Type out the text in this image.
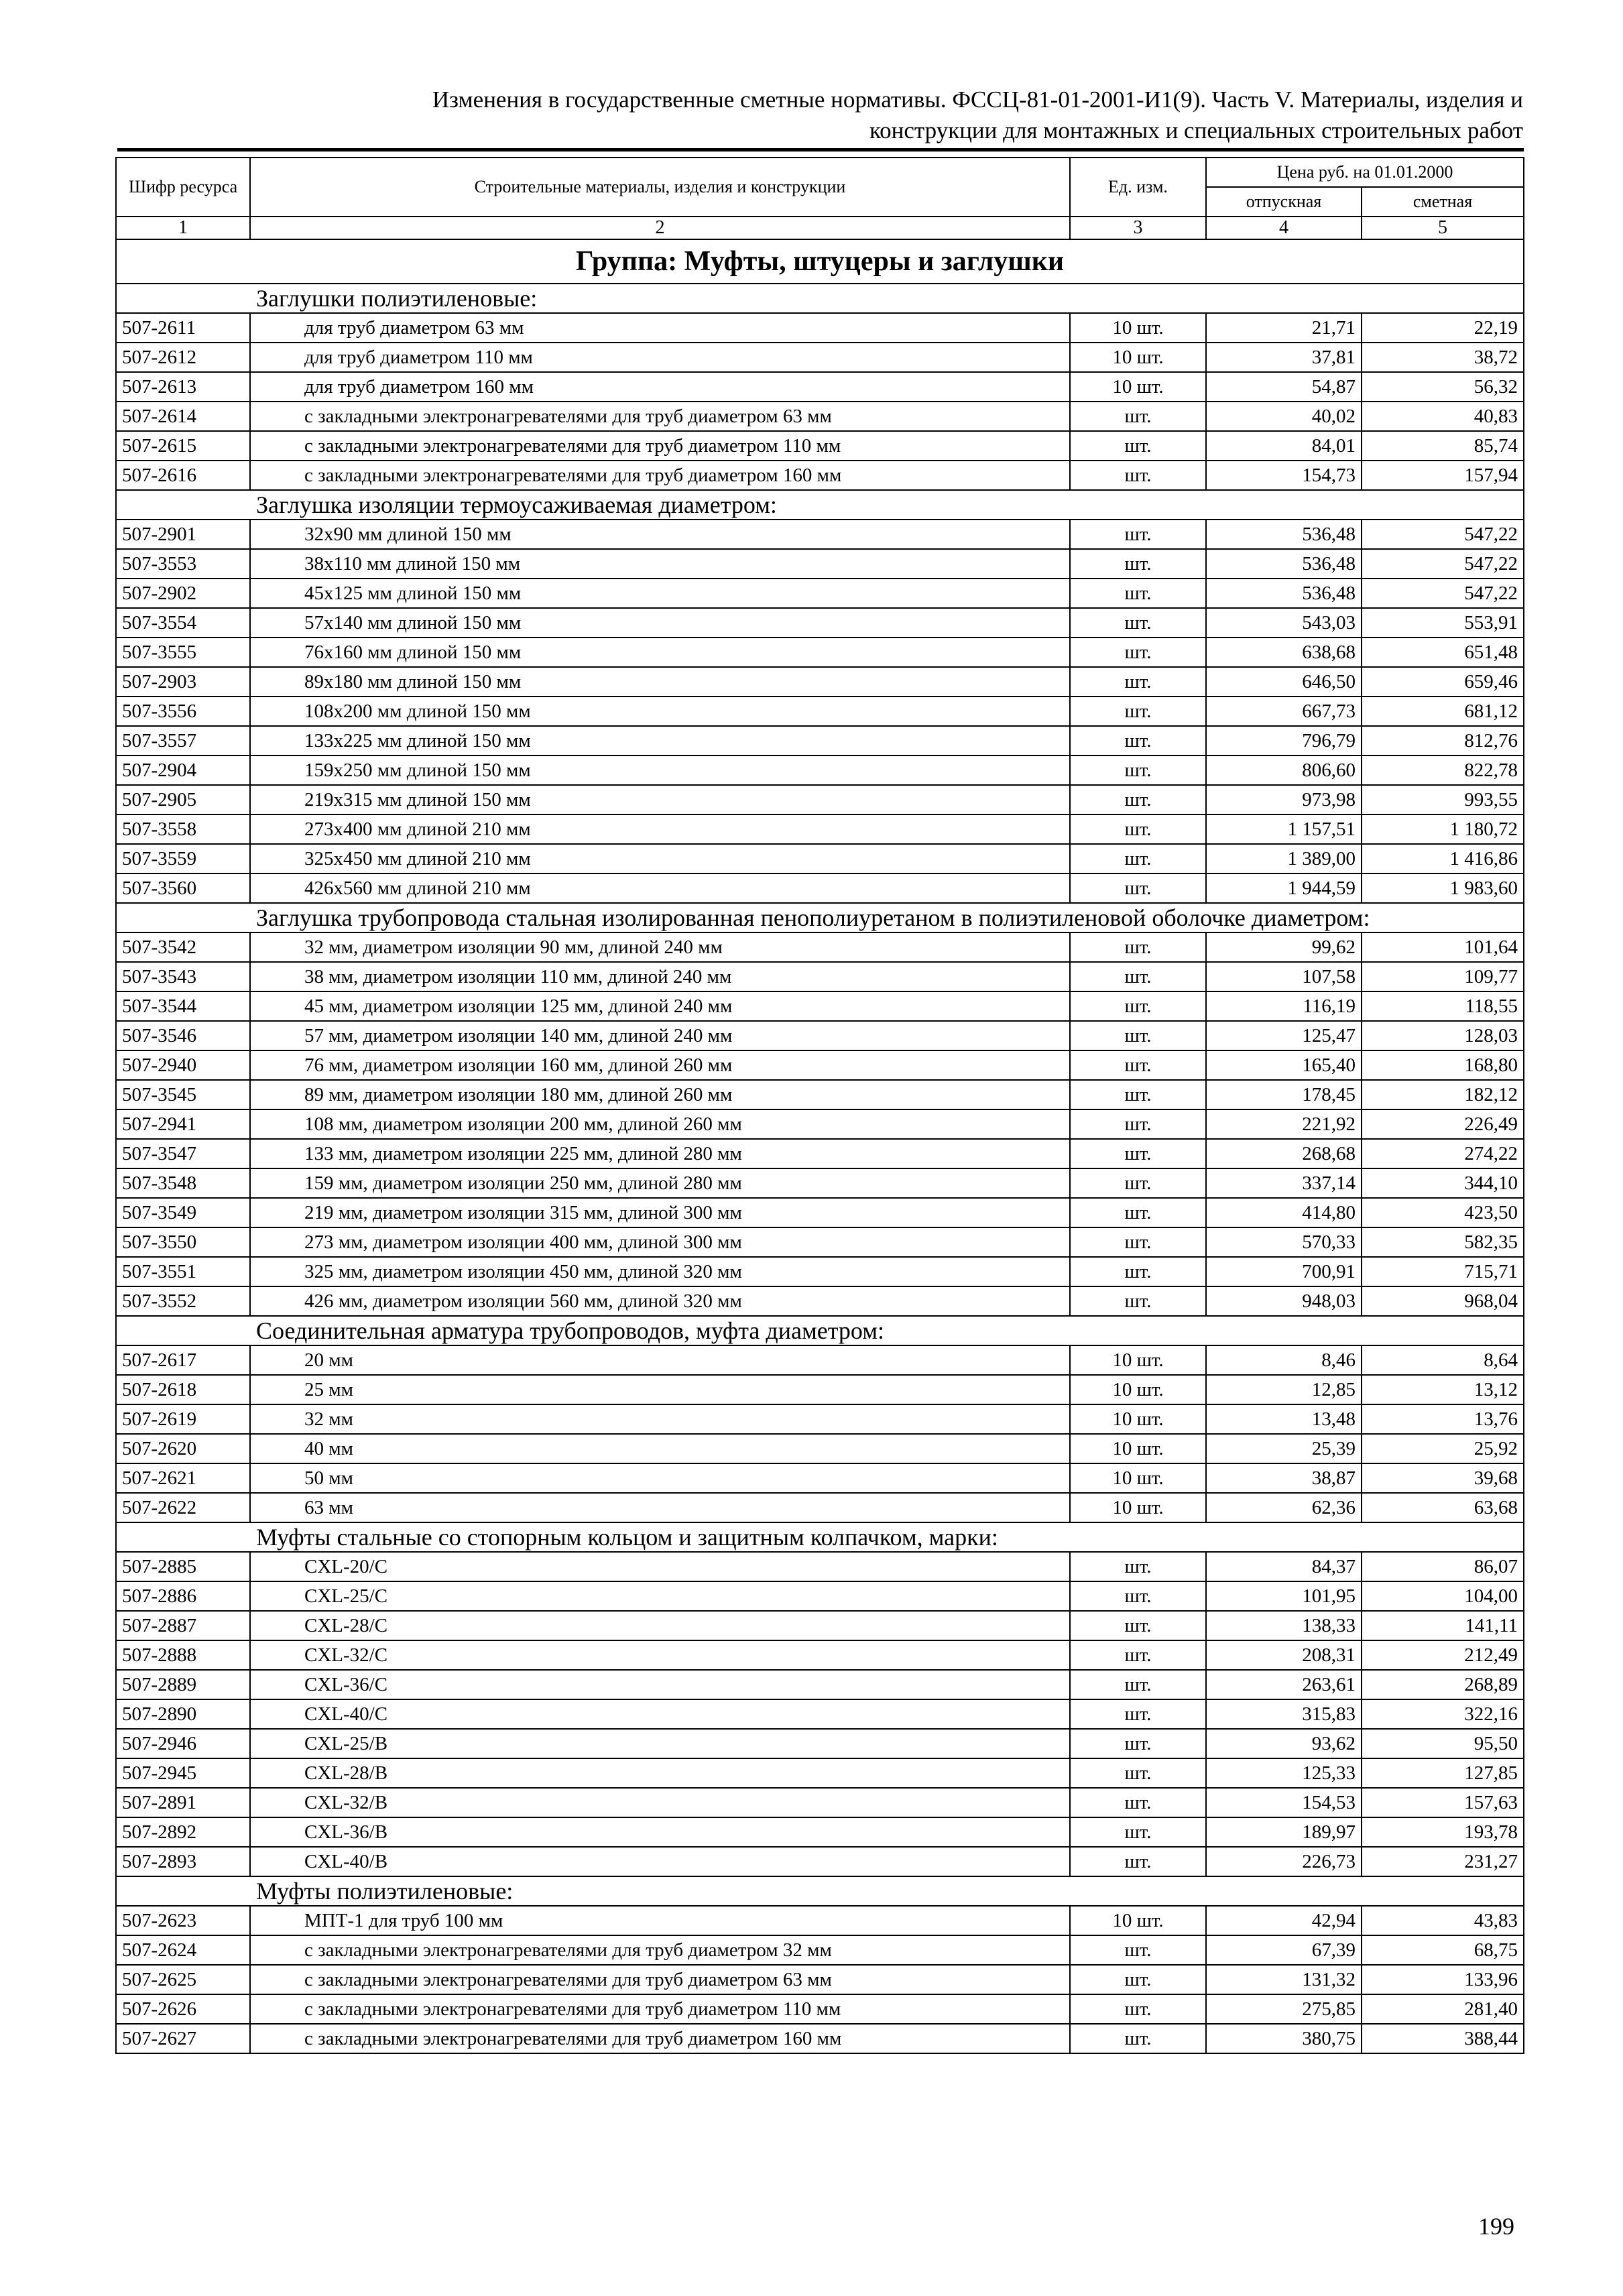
Изменения в государственные сметные нормативы. ФССЦ-81-01-2001-И1(9). Часть V. Материалы, изделия и
конструкции для монтажных и специальных строительных работ
Шифр ресурса	Строительные материалы, изделия и конструкции	Ед. изм.	Цена руб. на 01.01.2000	
			отпускная	сметная
1	2	3	4	5
Группа: Муфты, штуцеры и заглушки				
Заглушки полиэтиленовые:				
507-2611	для труб диаметром 63 мм	10 шт.	21,71	22,19
507-2612	для труб диаметром 110 мм	10 шт.	37,81	38,72
507-2613	для труб диаметром 160 мм	10 шт.	54,87	56,32
507-2614	с закладными электронагревателями для труб диаметром 63 мм	шт.	40,02	40,83
507-2615	с закладными электронагревателями для труб диаметром 110 мм	шт.	84,01	85,74
507-2616	с закладными электронагревателями для труб диаметром 160 мм	шт.	154,73	157,94
Заглушка изоляции термоусаживаемая диаметром:				
507-2901	32х90 мм длиной 150 мм	шт.	536,48	547,22
507-3553	38х110 мм длиной 150 мм	шт.	536,48	547,22
507-2902	45х125 мм длиной 150 мм	шт.	536,48	547,22
507-3554	57х140 мм длиной 150 мм	шт.	543,03	553,91
507-3555	76х160 мм длиной 150 мм	шт.	638,68	651,48
507-2903	89х180 мм длиной 150 мм	шт.	646,50	659,46
507-3556	108х200 мм длиной 150 мм	шт.	667,73	681,12
507-3557	133х225 мм длиной 150 мм	шт.	796,79	812,76
507-2904	159х250 мм длиной 150 мм	шт.	806,60	822,78
507-2905	219х315 мм длиной 150 мм	шт.	973,98	993,55
507-3558	273х400 мм длиной 210 мм	шт.	1 157,51	1 180,72
507-3559	325х450 мм длиной 210 мм	шт.	1 389,00	1 416,86
507-3560	426х560 мм длиной 210 мм	шт.	1 944,59	1 983,60
Заглушка трубопровода стальная изолированная пенополиуретаном в полиэтиленовой оболочке диаметром:				
507-3542	32 мм, диаметром изоляции 90 мм, длиной 240 мм	шт.	99,62	101,64
507-3543	38 мм, диаметром изоляции 110 мм, длиной 240 мм	шт.	107,58	109,77
507-3544	45 мм, диаметром изоляции 125 мм, длиной 240 мм	шт.	116,19	118,55
507-3546	57 мм, диаметром изоляции 140 мм, длиной 240 мм	шт.	125,47	128,03
507-2940	76 мм, диаметром изоляции 160 мм, длиной 260 мм	шт.	165,40	168,80
507-3545	89 мм, диаметром изоляции 180 мм, длиной 260 мм	шт.	178,45	182,12
507-2941	108 мм, диаметром изоляции 200 мм, длиной 260 мм	шт.	221,92	226,49
507-3547	133 мм, диаметром изоляции 225 мм, длиной 280 мм	шт.	268,68	274,22
507-3548	159 мм, диаметром изоляции 250 мм, длиной 280 мм	шт.	337,14	344,10
507-3549	219 мм, диаметром изоляции 315 мм, длиной 300 мм	шт.	414,80	423,50
507-3550	273 мм, диаметром изоляции 400 мм, длиной 300 мм	шт.	570,33	582,35
507-3551	325 мм, диаметром изоляции 450 мм, длиной 320 мм	шт.	700,91	715,71
507-3552	426 мм, диаметром изоляции 560 мм, длиной 320 мм	шт.	948,03	968,04
Соединительная арматура трубопроводов, муфта диаметром:				
507-2617	20 мм	10 шт.	8,46	8,64
507-2618	25 мм	10 шт.	12,85	13,12
507-2619	32 мм	10 шт.	13,48	13,76
507-2620	40 мм	10 шт.	25,39	25,92
507-2621	50 мм	10 шт.	38,87	39,68
507-2622	63 мм	10 шт.	62,36	63,68
Муфты стальные со стопорным кольцом и защитным колпачком, марки:				
507-2885	CXL-20/C	шт.	84,37	86,07
507-2886	CXL-25/C	шт.	101,95	104,00
507-2887	CXL-28/C	шт.	138,33	141,11
507-2888	CXL-32/C	шт.	208,31	212,49
507-2889	CXL-36/C	шт.	263,61	268,89
507-2890	CXL-40/C	шт.	315,83	322,16
507-2946	CXL-25/B	шт.	93,62	95,50
507-2945	CXL-28/B	шт.	125,33	127,85
507-2891	CXL-32/B	шт.	154,53	157,63
507-2892	CXL-36/B	шт.	189,97	193,78
507-2893	CXL-40/B	шт.	226,73	231,27
Муфты полиэтиленовые:				
507-2623	МПТ-1 для труб 100 мм	10 шт.	42,94	43,83
507-2624	с закладными электронагревателями для труб диаметром 32 мм	шт.	67,39	68,75
507-2625	с закладными электронагревателями для труб диаметром 63 мм	шт.	131,32	133,96
507-2626	с закладными электронагревателями для труб диаметром 110 мм	шт.	275,85	281,40
507-2627	с закладными электронагревателями для труб диаметром 160 мм	шт.	380,75	388,44
199
